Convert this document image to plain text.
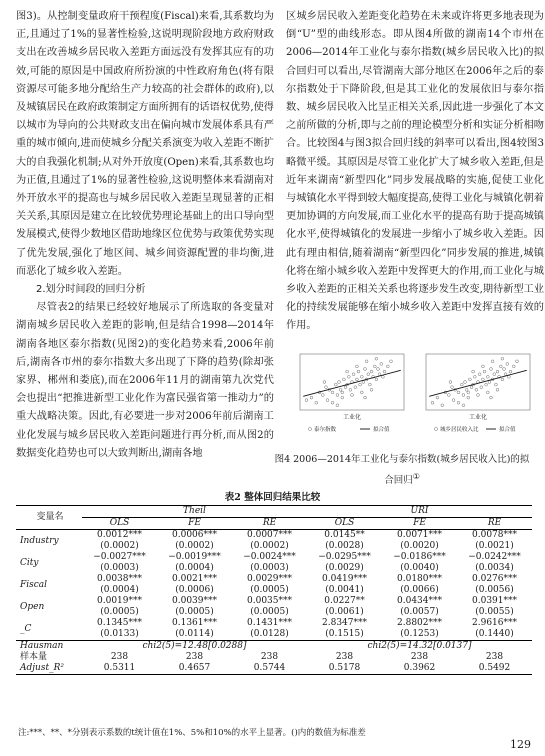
图3)。从控制变量政府干预程度(Fiscal)来看,其系数均为正,且通过了1%的显著性检验,这说明现阶段地方政府财政支出在改善城乡居民收入差距方面远没有发挥其应有的功效,可能的原因是中国政府所扮演的中性政府角色(将有限资源尽可能多地分配给生产力较高的社会群体的政府),以及城镇居民在政府政策制定方面所拥有的话语权优势,使得以城市为导向的公共财政支出在偏向城市发展体系具有严重的城市倾向,进而使城乡分配关系演变为收入差距不断扩大的自我强化机制;从对外开放度(Open)来看,其系数也均为正值,且通过了1%的显著性检验,这说明整体来看湖南对外开放水平的提高也与城乡居民收入差距呈现显著的正相关关系,其原因是建立在比较优势理论基础上的出口导向型发展模式,使得少数地区借助地缘区位优势与政策优势实现了优先发展,强化了地区间、城乡间资源配置的非均衡,进而恶化了城乡收入差距。

2.划分时间段的回归分析

尽管表2的结果已经较好地展示了所选取的各变量对湖南城乡居民收入差距的影响,但是结合1998—2014年湖南各地区泰尔指数(见图2)的变化趋势来看,2006年前后,湖南各市州的泰尔指数大多出现了下降的趋势(除却张家界、郴州和娄底),而在2006年11月的湖南第九次党代会也提出“把推进新型工业化作为富民强省第一推动力”的重大战略决策。因此,有必要进一步对2006年前后湖南工业化发展与城乡居民收入差距问题进行再分析,而从图2的数据变化趋势也可以大致判断出,湖南各地

区城乡居民收入差距变化趋势在未来或许将更多地表现为倒“U”型的曲线形态。即从图4所做的湖南14个市州在2006—2014年工业化与泰尔指数(城乡居民收入比)的拟合回归可以看出,尽管湖南大部分地区在2006年之后的泰尔指数处于下降阶段,但是其工业化的发展依旧与泰尔指数、城乡居民收入比呈正相关关系,因此进一步强化了本文之前所做的分析,即与之前的理论模型分析和实证分析相吻合。比较图4与图3拟合回归线的斜率可以看出,图4较图3略微平缓。其原因是尽管工业化扩大了城乡收入差距,但是近年来湖南“新型四化”同步发展战略的实施,促使工业化与城镇化水平得到较大幅度提高,使得工业化与城镇化朝着更加协调的方向发展,而工业化水平的提高有助于提高城镇化水平,使得城镇化的发展进一步缩小了城乡收入差距。因此有理由相信,随着湖南“新型四化”同步发展的推进,城镇化将在缩小城乡收入差距中发挥更大的作用,而工业化与城乡收入差距的正相关关系也将逐步发生改变,期待新型工业化的持续发展能够在缩小城乡收入差距中发挥直接有效的作用。

工业化
泰尔指数	拟合值
工业化
城乡居民收入比	拟合值
图4 2006—2014年工业化与泰尔指数(城乡居民收入比)的拟合回归①
表2 整体回归结果比较
变量名	Theil			URI		
	OLS	FE	RE	OLS	FE	RE
Industry	0.0012***	0.0006***	0.0007***	0.0145**	0.0071***	0.0078***
	(0.0002)	(0.0002)	(0.0002)	(0.0028)	(0.0020)	(0.0021)
City	−0.0027***	−0.0019***	−0.0024***	−0.0295***	−0.0186***	−0.0242***
	(0.0003)	(0.0004)	(0.0003)	(0.0029)	(0.0040)	(0.0034)
Fiscal	0.0038***	0.0021***	0.0029***	0.0419***	0.0180***	0.0276***
	(0.0004)	(0.0006)	(0.0005)	(0.0041)	(0.0066)	(0.0056)
Open	0.0019***	0.0039***	0.0035***	0.0227**	0.0434***	0.0391***
	(0.0005)	(0.0005)	(0.0005)	(0.0061)	(0.0057)	(0.0055)
_C	0.1345***	0.1361***	0.1431***	2.8347***	2.8802***	2.9616***
	(0.0133)	(0.0114)	(0.0128)	(0.1515)	(0.1253)	(0.1440)
Hausman	chi2(5)=12.48[0.0288]			chi2(5)=14.32[0.0137]		
样本量	238	238	238	238	238	238
Adjust_R²	0.5311	0.4657	0.5744	0.5178	0.3962	0.5492
注:***、**、*分别表示系数的t统计值在1%、5%和10%的水平上显著。()内的数值为标准差
129
